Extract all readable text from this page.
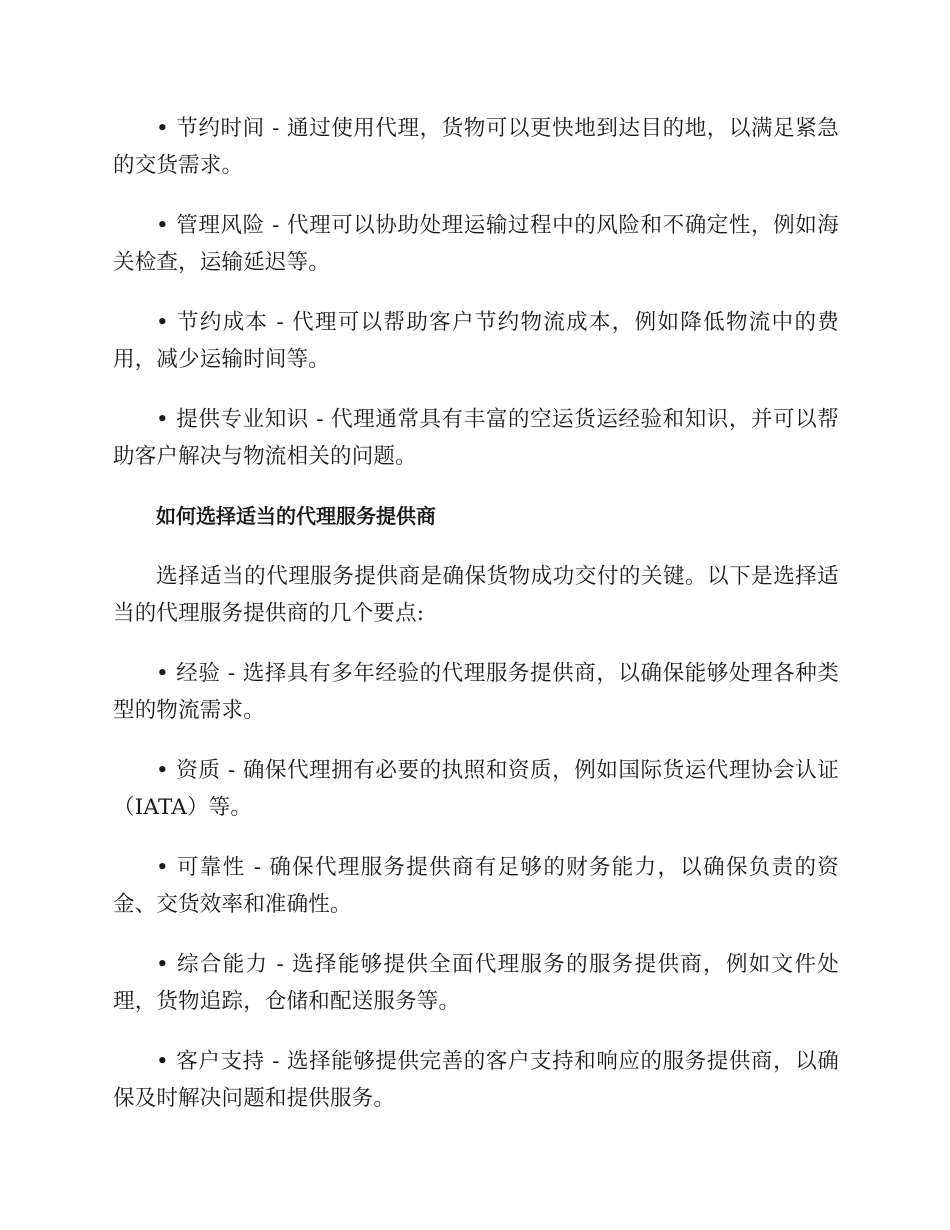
• 节约时间 - 通过使用代理，货物可以更快地到达目的地，以满足紧急的交货需求。

• 管理风险 - 代理可以协助处理运输过程中的风险和不确定性，例如海关检查，运输延迟等。

• 节约成本 - 代理可以帮助客户节约物流成本，例如降低物流中的费用，减少运输时间等。

• 提供专业知识 - 代理通常具有丰富的空运货运经验和知识，并可以帮助客户解决与物流相关的问题。

如何选择适当的代理服务提供商

选择适当的代理服务提供商是确保货物成功交付的关键。以下是选择适当的代理服务提供商的几个要点:

• 经验 - 选择具有多年经验的代理服务提供商，以确保能够处理各种类型的物流需求。

• 资质 - 确保代理拥有必要的执照和资质，例如国际货运代理协会认证（IATA）等。

• 可靠性 - 确保代理服务提供商有足够的财务能力，以确保负责的资金、交货效率和准确性。

• 综合能力 - 选择能够提供全面代理服务的服务提供商，例如文件处理，货物追踪，仓储和配送服务等。

• 客户支持 - 选择能够提供完善的客户支持和响应的服务提供商，以确保及时解决问题和提供服务。
